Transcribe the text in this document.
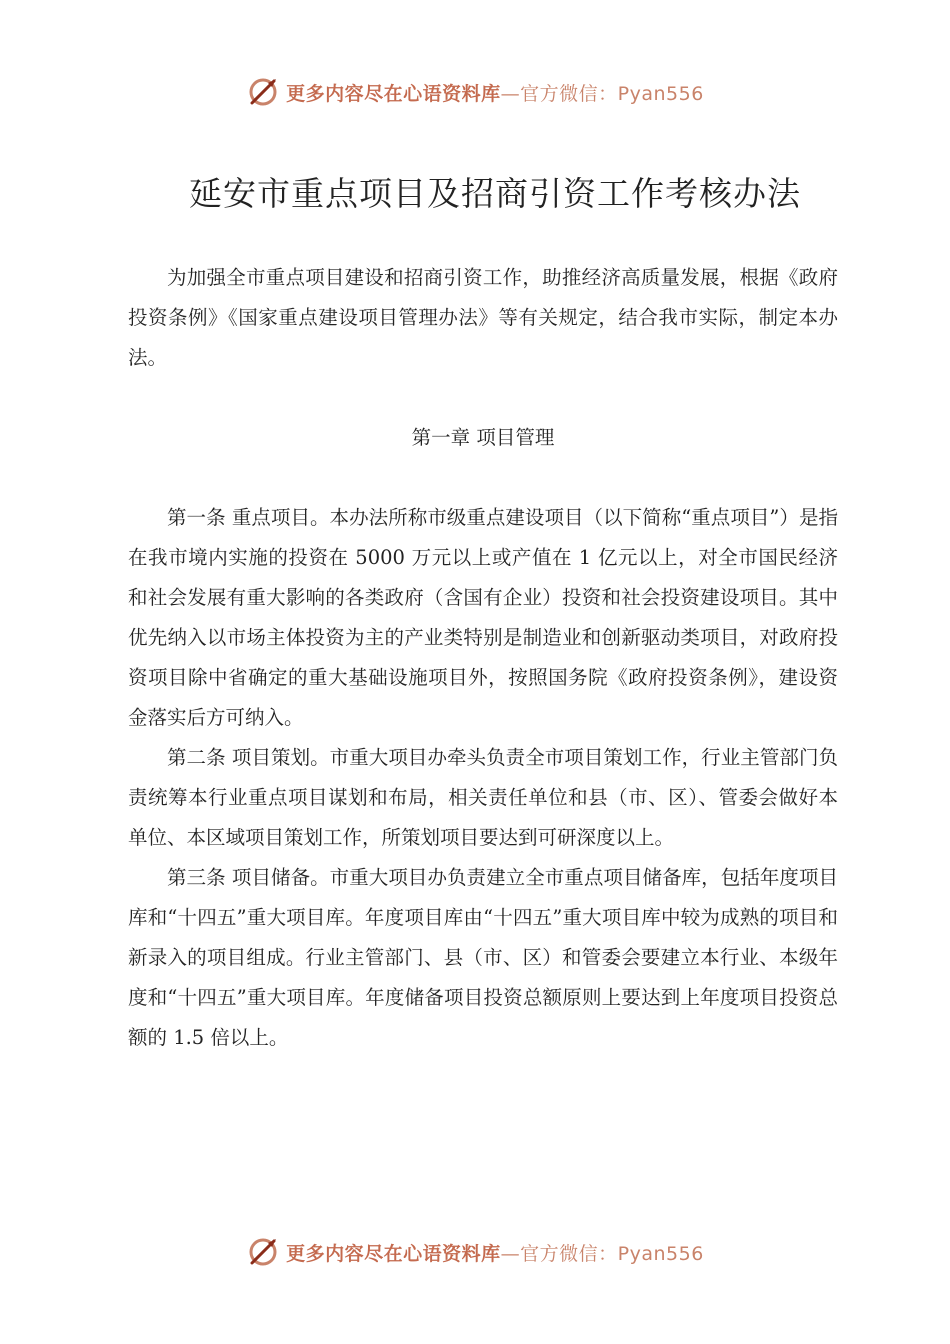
更多内容尽在心语资料库—官方微信：Pyan556
延安市重点项目及招商引资工作考核办法

为加强全市重点项目建设和招商引资工作，助推经济高质量发展，根据《政府投资条例》《国家重点建设项目管理办法》等有关规定，结合我市实际，制定本办法。

第一章 项目管理

第一条 重点项目。本办法所称市级重点建设项目（以下简称“重点项目”）是指在我市境内实施的投资在 5000 万元以上或产值在 1 亿元以上，对全市国民经济和社会发展有重大影响的各类政府（含国有企业）投资和社会投资建设项目。其中优先纳入以市场主体投资为主的产业类特别是制造业和创新驱动类项目，对政府投资项目除中省确定的重大基础设施项目外，按照国务院《政府投资条例》，建设资金落实后方可纳入。

第二条 项目策划。市重大项目办牵头负责全市项目策划工作，行业主管部门负责统筹本行业重点项目谋划和布局，相关责任单位和县（市、区）、管委会做好本单位、本区域项目策划工作，所策划项目要达到可研深度以上。

第三条 项目储备。市重大项目办负责建立全市重点项目储备库，包括年度项目库和“十四五”重大项目库。年度项目库由“十四五”重大项目库中较为成熟的项目和新录入的项目组成。行业主管部门、县（市、区）和管委会要建立本行业、本级年度和“十四五”重大项目库。年度储备项目投资总额原则上要达到上年度项目投资总额的 1.5 倍以上。

更多内容尽在心语资料库—官方微信：Pyan556
